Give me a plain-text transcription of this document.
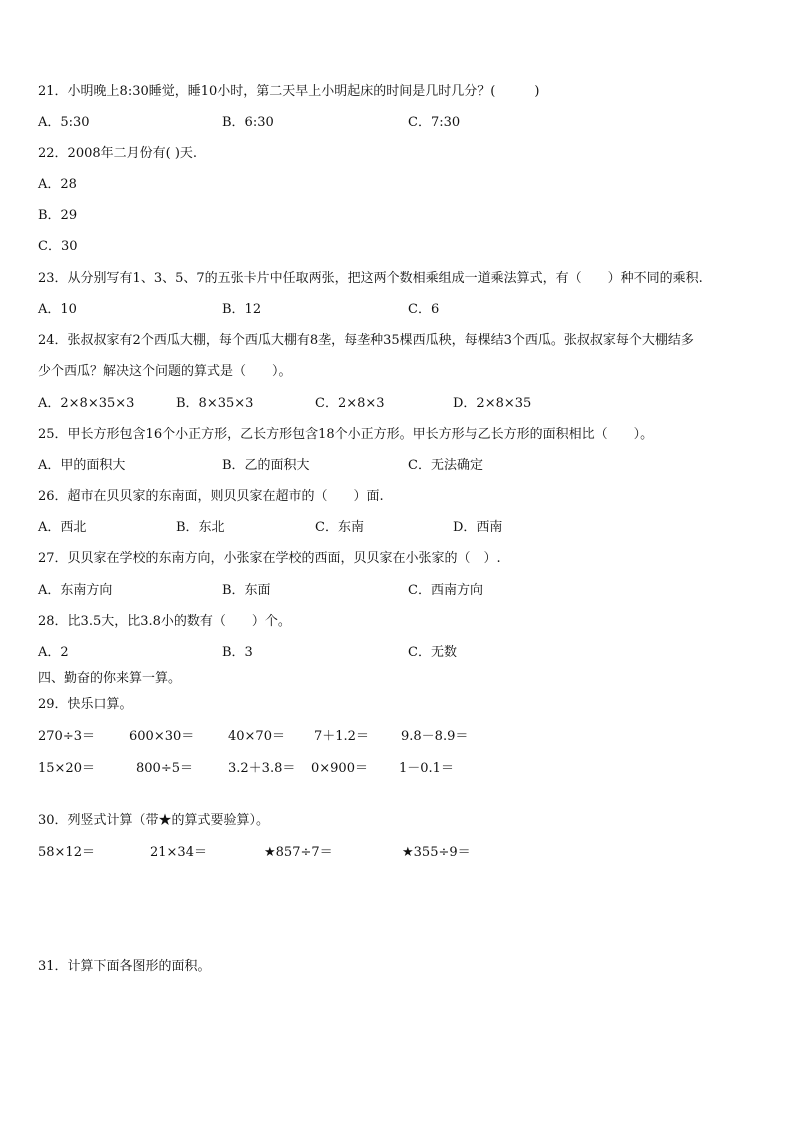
21．小明晚上8:30睡觉，睡10小时，第二天早上小明起床的时间是几时几分？(　　　)
A．5:30	B．6:30	C．7:30
22．2008年二月份有( )天.
A．28
B．29
C．30
23．从分别写有1、3、5、7的五张卡片中任取两张，把这两个数相乘组成一道乘法算式，有（　　）种不同的乘积.
A．10	B．12	C．6
24．张叔叔家有2个西瓜大棚，每个西瓜大棚有8垄，每垄种35棵西瓜秧，每棵结3个西瓜。张叔叔家每个大棚结多
少个西瓜？解决这个问题的算式是（　　）。
A．2×8×35×3	B．8×35×3	C．2×8×3	D．2×8×35
25．甲长方形包含16个小正方形，乙长方形包含18个小正方形。甲长方形与乙长方形的面积相比（　　）。
A．甲的面积大	B．乙的面积大	C．无法确定
26．超市在贝贝家的东南面，则贝贝家在超市的（　　）面.
A．西北	B．东北	C．东南	D．西南
27．贝贝家在学校的东南方向，小张家在学校的西面，贝贝家在小张家的（　）.
A．东南方向	B．东面	C．西南方向
28．比3.5大，比3.8小的数有（　　）个。
A．2	B．3	C．无数
四、勤奋的你来算一算。
29．快乐口算。
270÷3＝	600×30＝	40×70＝ 7＋1.2＝ 9.8－8.9＝
15×20＝	800÷5＝	3.2＋3.8＝ 0×900＝ 1－0.1＝
30．列竖式计算（带★的算式要验算）。
58×12＝	21×34＝	★857÷7＝	★355÷9＝
31．计算下面各图形的面积。
